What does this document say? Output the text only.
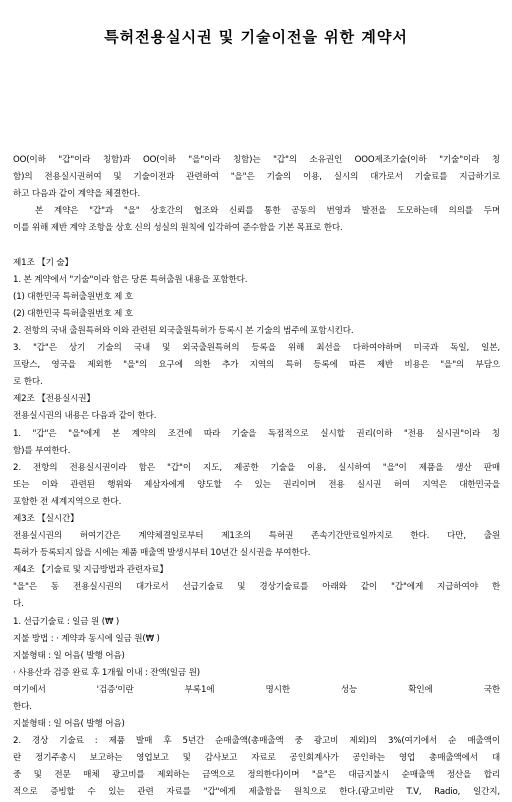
특허전용실시권 및 기술이전을 위한 계약서
OO(이하 "갑"이라 칭함)과 OO(이하 "을"이라 칭함)는 "갑"의 소유권인 OOO제조기술(이하 "기술"이라 칭
함)의 전용실시권허여 및 기술이전과 관련하여 "을"은 기술의 이용, 실시의 대가로서 기술료를 지급하기로
하고 다음과 같이 계약을 체결한다.
본 계약은 "갑"과 "을" 상호간의 협조와 신뢰를 통한 공동의 번영과 발전을 도모하는데 의의를 두며
이를 위해 제반 계약 조항을 상호 신의 성실의 원칙에 입각하여 준수함을 기본 목표로 한다.
제1조 【기 술】
1. 본 계약에서 "기술"이라 함은 당론 특허출원 내용을 포함한다.
(1) 대한민국 특허출원번호 제 호
(2) 대한민국 특허출원번호 제 호
2. 전항의 국내 출원특허와 이와 관련된 외국출원특허가 등록시 본 기술의 범주에 포함시킨다.
3. "갑"은 상기 기술의 국내 및 외국출원특허의 등록을 위해 최선을 다하여야하며 미국과 독일, 일본,
프랑스, 영국을 제외한 "을"의 요구에 의한 추가 지역의 특허 등록에 따른 제반 비용은 "을"의 부담으
로 한다.
제2조 【전용실시권】
전용실시권의 내용은 다음과 같이 한다.
1. "갑"은 "을"에게 본 계약의 조건에 따라 기술을 독점적으로 실시할 권리(이하 "전용 실시권"이라 칭
함)를 부여한다.
2. 전항의 전용실시권이라 함은 "갑"이 지도, 제공한 기술을 이용, 실시하여 "을"이 제품을 생산 판매
또는 이와 관련된 행위와 제삼자에게 양도할 수 있는 권리이며 전용 실시권 허여 지역은 대한민국을
포함한 전 세계지역으로 한다.
제3조 【실시간】
전용실시권의 허여기간은 계약체결일로부터 제1조의 특허권 존속기간만료일까지로 한다. 다만, 출원
특허가 등록되지 않을 시에는 제품 매출액 발생시부터 10년간 실시권을 부여한다.
제4조 【기술료 및 지급방법과 관련자료】
"을"은 동 전용실시권의 대가로서 선급기술료 및 경상기술료를 아래와 같이 "갑"에게 지급하여야 한
다.
1. 선급기술료 : 일금 원 (₩ )
지불 방법 : · 계약과 동시에 일금 원(₩ )
지불형태 : 일 어음( 발행 어음)
· 사용산과 검증 완료 후 1개월 이내 : 잔액(일금 원)
여기에서 '검증'이란 부록1에 명시한 성능 확인에 국한
한다.
지불형태 : 일 어음( 발행 어음)
2. 경상 기술료 : 제품 발매 후 5년간 순매출액(총매출액 중 광고비 제외)의 3%(여기에서 순 매출액이
란 정기주총시 보고하는 영업보고 및 감사보고 자료로 공인회계사가 공인하는 영업 총매출액에서 대
중 및 전문 매체 광고비를 제외하는 금액으로 정의한다)이며 "을"은 대금지불시 순매출액 정산을 합리
적으로 증빙할 수 있는 관련 자료를 "갑"에게 제출함을 원칙으로 한다.(광고비란 T.V, Radio, 일간지,
